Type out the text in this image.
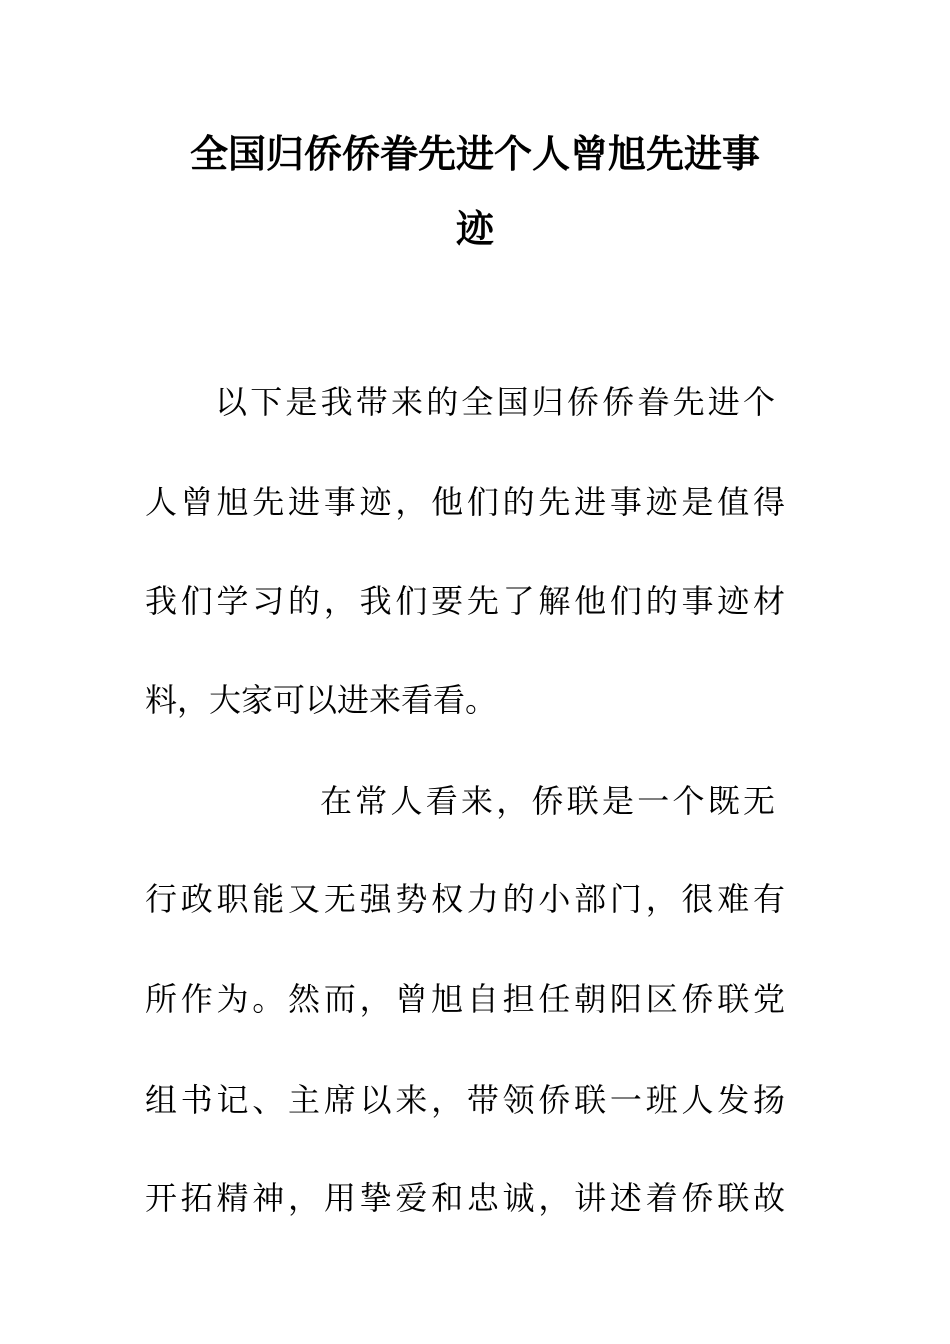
全国归侨侨眷先进个人曾旭先进事
迹
以下是我带来的全国归侨侨眷先进个
人曾旭先进事迹，他们的先进事迹是值得
我们学习的，我们要先了解他们的事迹材
料，大家可以进来看看。
在常人看来，侨联是一个既无
行政职能又无强势权力的小部门，很难有
所作为。然而，曾旭自担任朝阳区侨联党
组书记、主席以来，带领侨联一班人发扬
开拓精神，用挚爱和忠诚，讲述着侨联故
